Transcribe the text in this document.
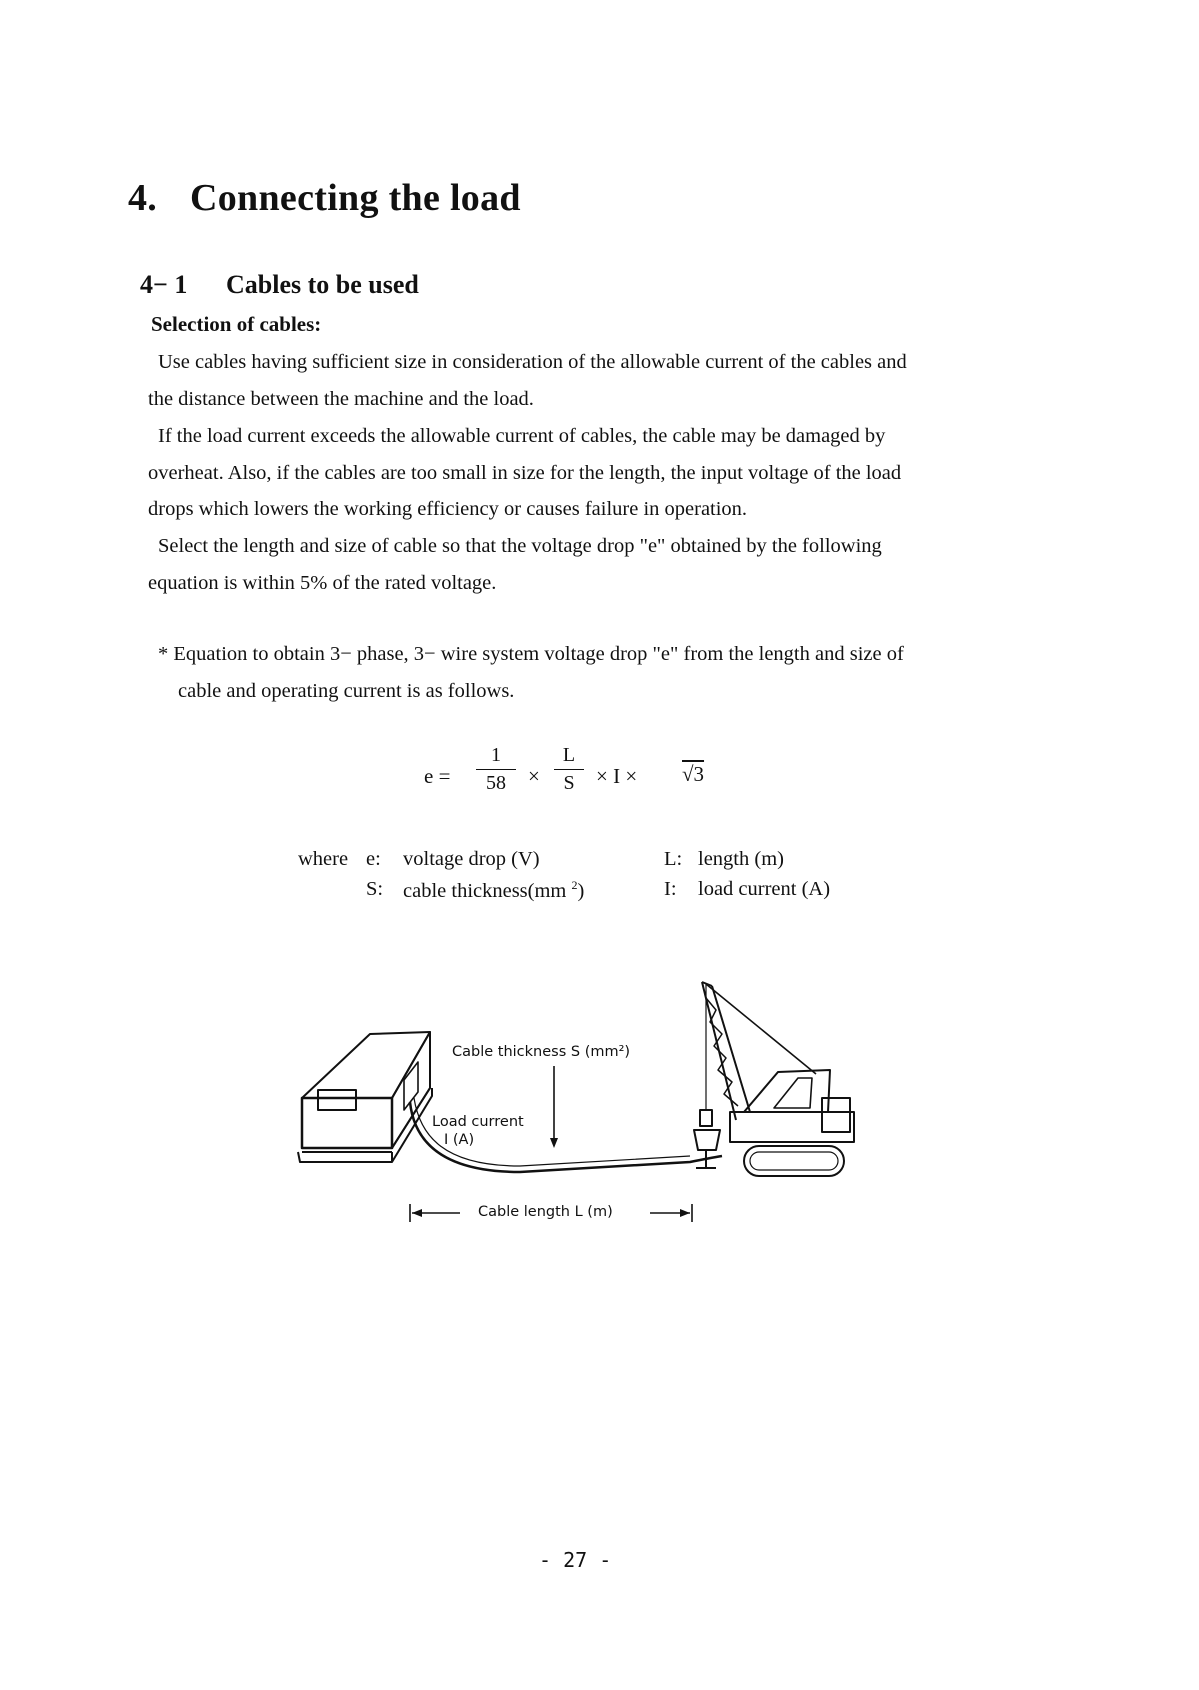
4. Connecting the load
4− 1 Cables to be used
Selection of cables:
Use cables having sufficient size in consideration of the allowable current of the cables and
the distance between the machine and the load.
If the load current exceeds the allowable current of cables, the cable may be damaged by
overheat. Also, if the cables are too small in size for the length, the input voltage of the load
drops which lowers the working efficiency or causes failure in operation.
Select the length and size of cable so that the voltage drop "e" obtained by the following
equation is within 5% of the rated voltage.
* Equation to obtain 3− phase, 3− wire system voltage drop "e" from the length and size of
cable and operating current is as follows.
$e = \frac{1}{58} \times \frac{L}{S} \times I \times √3$
where e: voltage drop (V)
S: cable thickness(mm $^2$)
L: length (m)
I: load current (A)
Cable thickness S (mm²)
Load current
I (A)
Cable length L (m)
- 27 -
